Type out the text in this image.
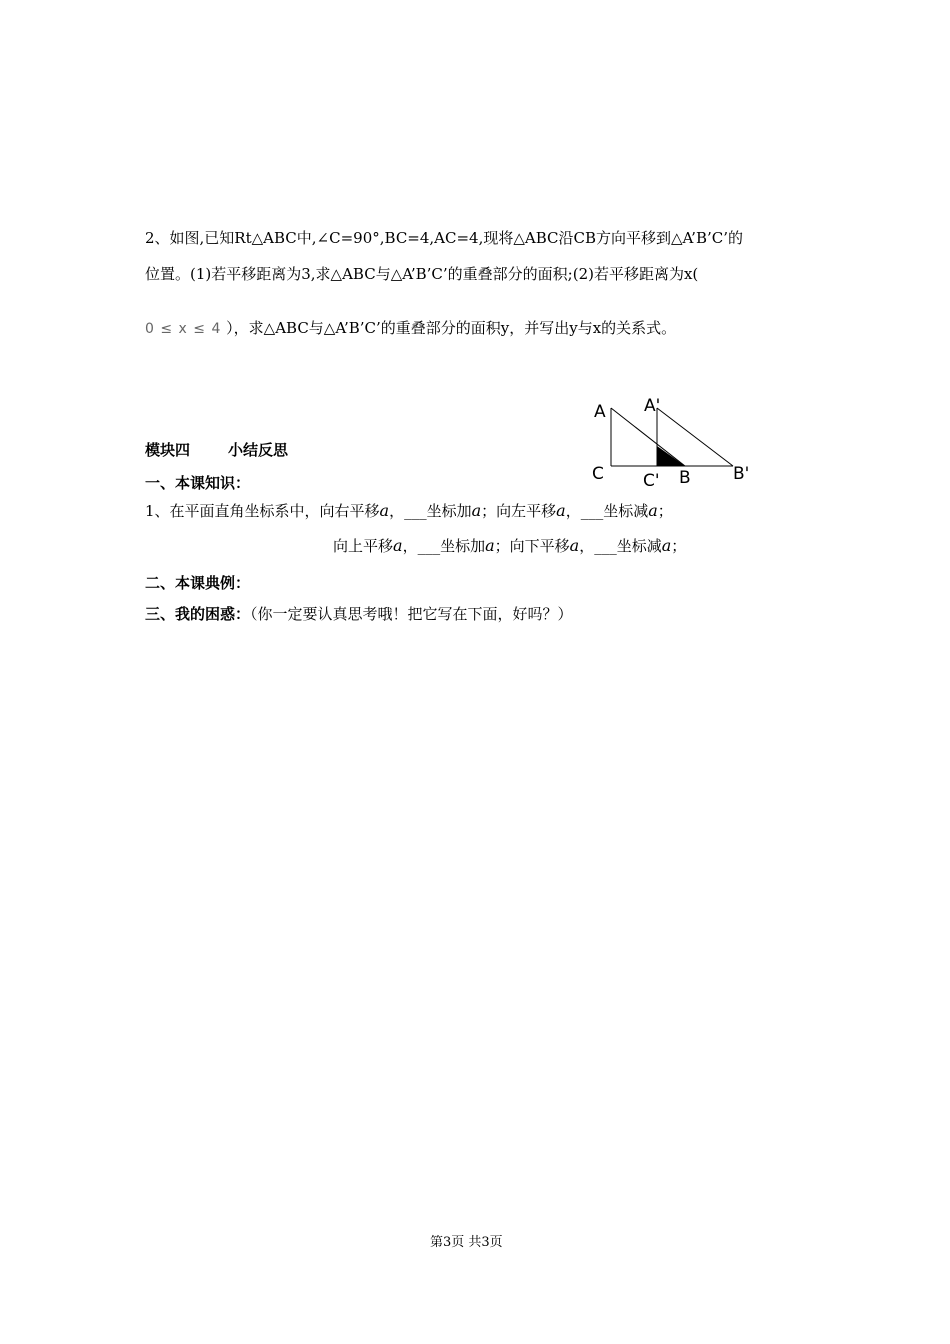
2、如图,已知Rt△ABC中,∠C=90°,BC=4,AC=4,现将△ABC沿CB方向平移到△A’B’C’的
位置。(1)若平移距离为3,求△ABC与△A’B’C’的重叠部分的面积;(2)若平移距离为x(
0 ≤ x ≤ 4 ），求△ABC与△A’B’C’的重叠部分的面积y，并写出y与x的关系式。
A A'
C C' B B'
模块四	小结反思
一、本课知识：
1、在平面直角坐标系中，向右平移a，___坐标加a；向左平移a，___坐标减a；
向上平移a，___坐标加a；向下平移a，___坐标减a；
二、本课典例：
三、我的困惑：（你一定要认真思考哦！把它写在下面，好吗？）
第3页 共3页
